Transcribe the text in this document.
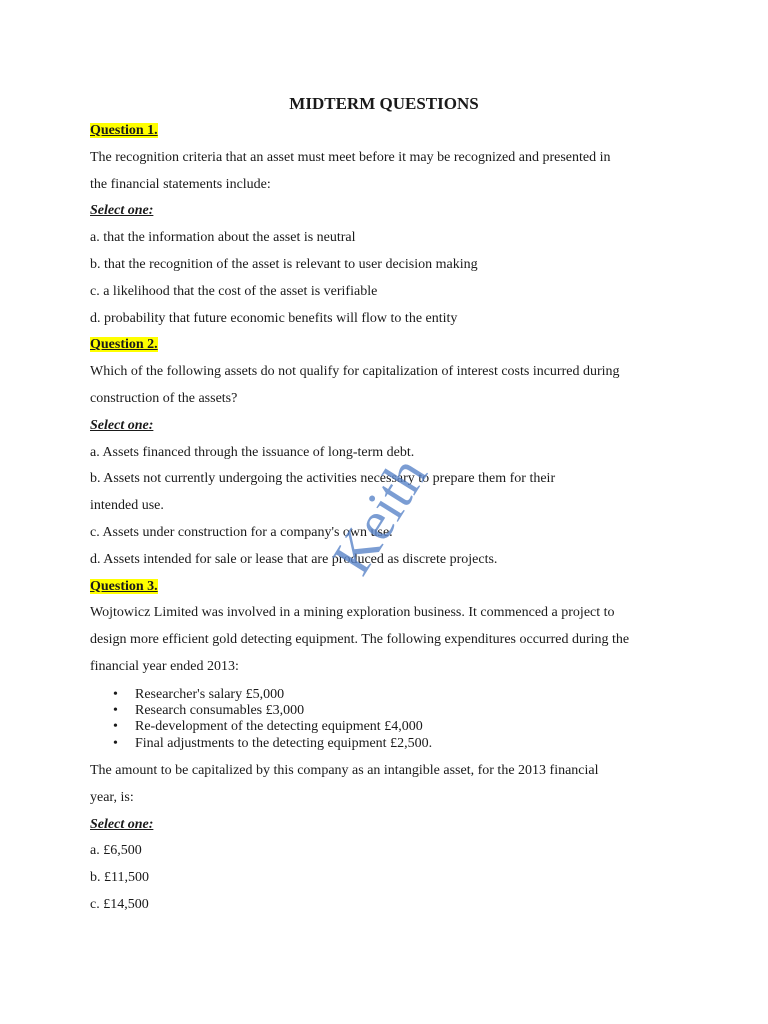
MIDTERM QUESTIONS

Question 1.

The recognition criteria that an asset must meet before it may be recognized and presented in

the financial statements include:

Select one:

a. that the information about the asset is neutral

b. that the recognition of the asset is relevant to user decision making

c. a likelihood that the cost of the asset is verifiable

d. probability that future economic benefits will flow to the entity

Question 2.

Which of the following assets do not qualify for capitalization of interest costs incurred during

construction of the assets?

Select one:

a. Assets financed through the issuance of long-term debt.

b. Assets not currently undergoing the activities necessary to prepare them for their

intended use.

c. Assets under construction for a company's own use.

d. Assets intended for sale or lease that are produced as discrete projects.

Question 3.

Wojtowicz Limited was involved in a mining exploration business. It commenced a project to

design more efficient gold detecting equipment. The following expenditures occurred during the

financial year ended 2013:

• Researcher's salary £5,000
• Research consumables £3,000
• Re-development of the detecting equipment £4,000
• Final adjustments to the detecting equipment £2,500.

The amount to be capitalized by this company as an intangible asset, for the 2013 financial

year, is:

Select one:

a. £6,500

b. £11,500

c. £14,500

Keith
